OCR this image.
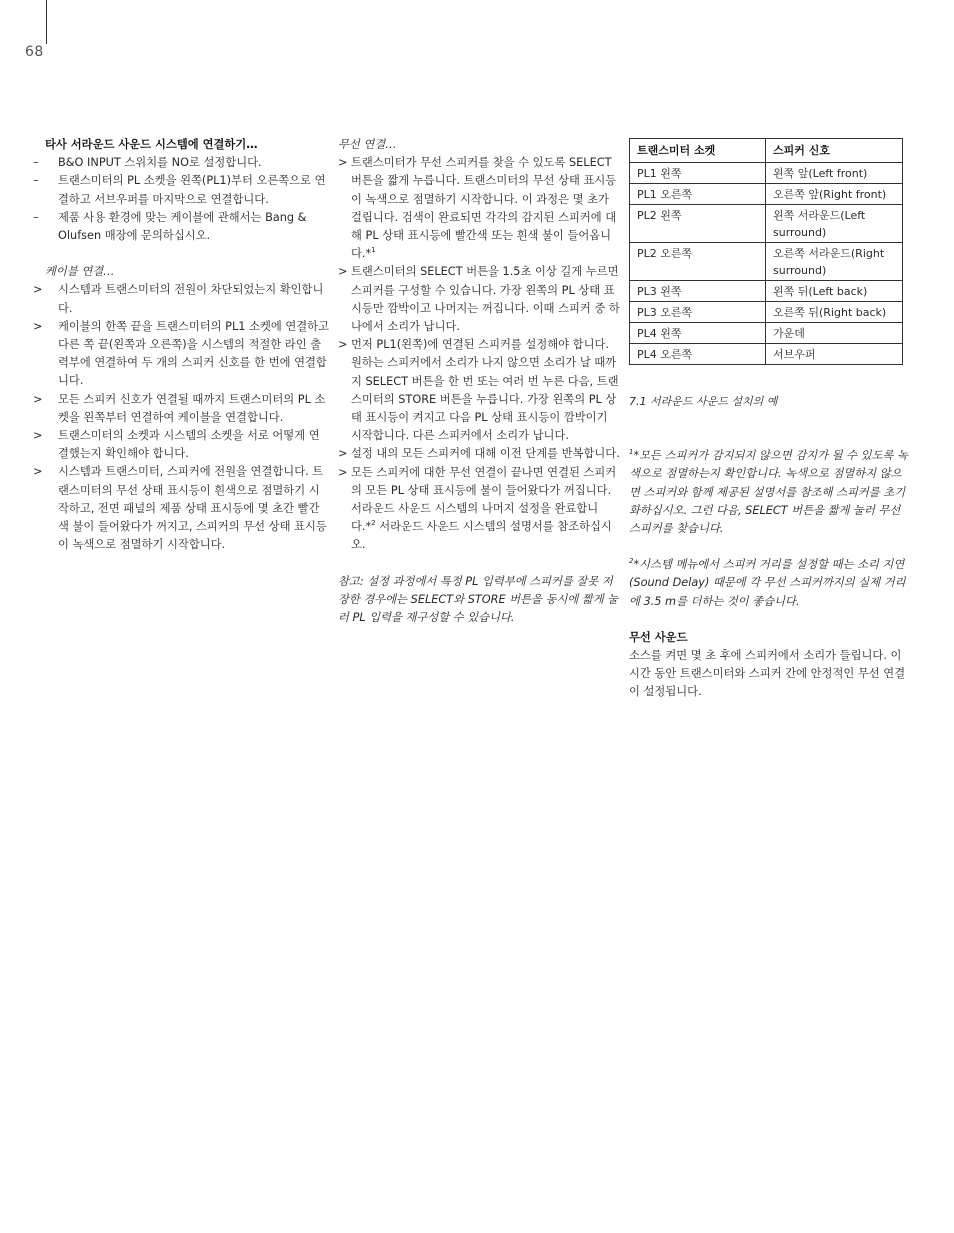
68

타사 서라운드 사운드 시스템에 연결하기…

–	B&O INPUT 스위치를 NO로 설정합니다.

–	트랜스미터의 PL 소켓을 왼쪽(PL1)부터 오른쪽으로 연결하고 서브우퍼를 마지막으로 연결합니다.

–	제품 사용 환경에 맞는 케이블에 관해서는 Bang & Olufsen 매장에 문의하십시오.

케이블 연결…

> 시스템과 트랜스미터의 전원이 차단되었는지 확인합니다.

> 케이블의 한쪽 끝을 트랜스미터의 PL1 소켓에 연결하고 다른 쪽 끝(왼쪽과 오른쪽)을 시스템의 적절한 라인 출력부에 연결하여 두 개의 스피커 신호를 한 번에 연결합니다.

> 모든 스피커 신호가 연결될 때까지 트랜스미터의 PL 소켓을 왼쪽부터 연결하여 케이블을 연결합니다.

> 트랜스미터의 소켓과 시스템의 소켓을 서로 어떻게 연결했는지 확인해야 합니다.

> 시스템과 트랜스미터, 스피커에 전원을 연결합니다. 트랜스미터의 무선 상태 표시등이 흰색으로 점멸하기 시작하고, 전면 패널의 제품 상태 표시등에 몇 초간 빨간색 불이 들어왔다가 꺼지고, 스피커의 무선 상태 표시등이 녹색으로 점멸하기 시작합니다.

무선 연결…

> 트랜스미터가 무선 스피커를 찾을 수 있도록 SELECT 버튼을 짧게 누릅니다. 트랜스미터의 무선 상태 표시등이 녹색으로 점멸하기 시작합니다. 이 과정은 몇 초가 걸립니다. 검색이 완료되면 각각의 감지된 스피커에 대해 PL 상태 표시등에 빨간색 또는 흰색 불이 들어옵니다.*$^1$

> 트랜스미터의 SELECT 버튼을 1.5초 이상 길게 누르면 스피커를 구성할 수 있습니다. 가장 왼쪽의 PL 상태 표시등만 깜박이고 나머지는 꺼집니다. 이때 스피커 중 하나에서 소리가 납니다.

> 먼저 PL1(왼쪽)에 연결된 스피커를 설정해야 합니다. 원하는 스피커에서 소리가 나지 않으면 소리가 날 때까지 SELECT 버튼을 한 번 또는 여러 번 누른 다음, 트랜스미터의 STORE 버튼을 누릅니다. 가장 왼쪽의 PL 상태 표시등이 켜지고 다음 PL 상태 표시등이 깜박이기 시작합니다. 다른 스피커에서 소리가 납니다.

> 설정 내의 모든 스피커에 대해 이전 단계를 반복합니다.

> 모든 스피커에 대한 무선 연결이 끝나면 연결된 스피커의 모든 PL 상태 표시등에 불이 들어왔다가 꺼집니다. 서라운드 사운드 시스템의 나머지 설정을 완료합니다.*$^2$ 서라운드 사운드 시스템의 설명서를 참조하십시오.

참고: 설정 과정에서 특정 PL 입력부에 스피커를 잘못 저장한 경우에는 SELECT와 STORE 버튼을 동시에 짧게 눌러 PL 입력을 재구성할 수 있습니다.

트랜스미터 소켓	스피커 신호
PL1 왼쪽	왼쪽 앞(Left front)
PL1 오른쪽	오른쪽 앞(Right front)
PL2 왼쪽	왼쪽 서라운드(Left surround)
PL2 오른쪽	오른쪽 서라운드(Right surround)
PL3 왼쪽	왼쪽 뒤(Left back)
PL3 오른쪽	오른쪽 뒤(Right back)
PL4 왼쪽	가운데
PL4 오른쪽	서브우퍼

7.1 서라운드 사운드 설치의 예

$^1$*모든 스피커가 감지되지 않으면 감지가 될 수 있도록 녹색으로 점멸하는지 확인합니다. 녹색으로 점멸하지 않으면 스피커와 함께 제공된 설명서를 참조해 스피커를 초기화하십시오. 그런 다음, SELECT 버튼을 짧게 눌러 무선 스피커를 찾습니다.

$^2$*시스템 메뉴에서 스피커 거리를 설정할 때는 소리 지연(Sound Delay) 때문에 각 무선 스피커까지의 실제 거리에 3.5 m를 더하는 것이 좋습니다.

무선 사운드

소스를 켜면 몇 초 후에 스피커에서 소리가 들립니다. 이 시간 동안 트랜스미터와 스피커 간에 안정적인 무선 연결이 설정됩니다.
